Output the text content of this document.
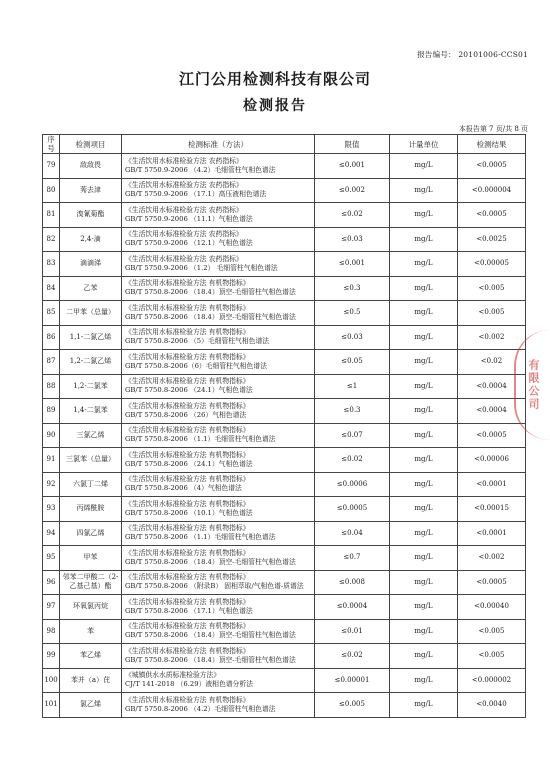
报告编号： 20101006-CCS01
江门公用检测科技有限公司
检测报告
本报告第 7 页/共 8 页
序号	检测项目	检测标准（方法）	限值	计量单位	检测结果
79	敌敌畏	《生活饮用水标准检验方法 农药指标》
GB/T 5750.9-2006 （4.2）毛细管柱气相色谱法	≤0.001	mg/L	<0.0005
80	莠去津	《生活饮用水标准检验方法 农药指标》
GB/T 5750.9-2006 （17.1）高压液相色谱法	≤0.002	mg/L	<0.000004
81	溴氰菊酯	《生活饮用水标准检验方法 农药指标》
GB/T 5750.9-2006 （11.1）气相色谱法	≤0.02	mg/L	<0.0005
82	2,4-滴	《生活饮用水标准检验方法 农药指标》
GB/T 5750.9-2006 （12.1）气相色谱法	≤0.03	mg/L	<0.0025
83	滴滴涕	《生活饮用水标准检验方法 农药指标》
GB/T 5750.9-2006 （1.2） 毛细管柱气相色谱法	≤0.001	mg/L	<0.00005
84	乙苯	《生活饮用水标准检验方法 有机物指标》
GB/T 5750.8-2006 （18.4）顶空-毛细管柱气相色谱法	≤0.3	mg/L	<0.005
85	二甲苯（总量）	《生活饮用水标准检验方法 有机物指标》
GB/T 5750.8-2006 （18.4）顶空-毛细管柱气相色谱法	≤0.5	mg/L	<0.005
86	1,1-二氯乙烯	《生活饮用水标准检验方法 有机物指标》
GB/T 5750.8-2006 （5）毛细管柱气相色谱法	≤0.03	mg/L	<0.002
87	1,2-二氯乙烯	《生活饮用水标准检验方法 有机物指标》
GB/T 5750.8-2006（6）毛细管柱气相色谱法	≤0.05	mg/L	<0.02
88	1,2-二氯苯	《生活饮用水标准检验方法 有机物指标》
GB/T 5750.8-2006 （24.1）气相色谱法	≤1	mg/L	<0.0004
89	1,4-二氯苯	《生活饮用水标准检验方法 有机物指标》
GB/T 5750.8-2006 （26）气相色谱法	≤0.3	mg/L	<0.0004
90	三氯乙烯	《生活饮用水标准检验方法 有机物指标》
GB/T 5750.8-2006 （1.1）毛细管柱气相色谱法	≤0.07	mg/L	<0.0005
91	三氯苯（总量）	《生活饮用水标准检验方法 有机物指标》
GB/T 5750.8-2006 （24.1）气相色谱法	≤0.02	mg/L	<0.00006
92	六氯丁二烯	《生活饮用水标准检验方法 有机物指标》
GB/T 5750.8-2006 （4）气相色谱法	≤0.0006	mg/L	<0.0001
93	丙烯酰胺	《生活饮用水标准检验方法 有机物指标》
GB/T 5750.8-2006 （10.1）气相色谱法	≤0.0005	mg/L	<0.00015
94	四氯乙烯	《生活饮用水标准检验方法 有机物指标》
GB/T 5750.8-2006 （1.1）毛细管柱气相色谱法	≤0.04	mg/L	<0.0001
95	甲苯	《生活饮用水标准检验方法 有机物指标》
GB/T 5750.8-2006 （18.4）顶空-毛细管柱气相色谱法	≤0.7	mg/L	<0.002
96	邻苯二甲酸二（2-乙基己基）酯	《生活饮用水标准检验方法 有机物指标》
GB/T 5750.8-2006 （附录B） 固相萃取/气相色谱-质谱法	≤0.008	mg/L	<0.0005
97	环氧氯丙烷	《生活饮用水标准检验方法 有机物指标》
GB/T 5750.8-2006 （17.1）气相色谱法	≤0.0004	mg/L	<0.00040
98	苯	《生活饮用水标准检验方法 有机物指标》
GB/T 5750.8-2006 （18.4）顶空-毛细管柱气相色谱法	≤0.01	mg/L	<0.005
99	苯乙烯	《生活饮用水标准检验方法 有机物指标》
GB/T 5750.8-2006 （18.4）顶空-毛细管柱气相色谱法	≤0.02	mg/L	<0.005
100	苯并（a）芘	《城镇供水水质标准检验方法》
CJ/T 141-2018 （6.29）液相色谱分析法	≤0.00001	mg/L	<0.000002
101	氯乙烯	《生活饮用水标准检验方法 有机物指标》
GB/T 5750.8-2006 （4.2）毛细管柱气相色谱法	≤0.005	mg/L	<0.0040
有限公司
